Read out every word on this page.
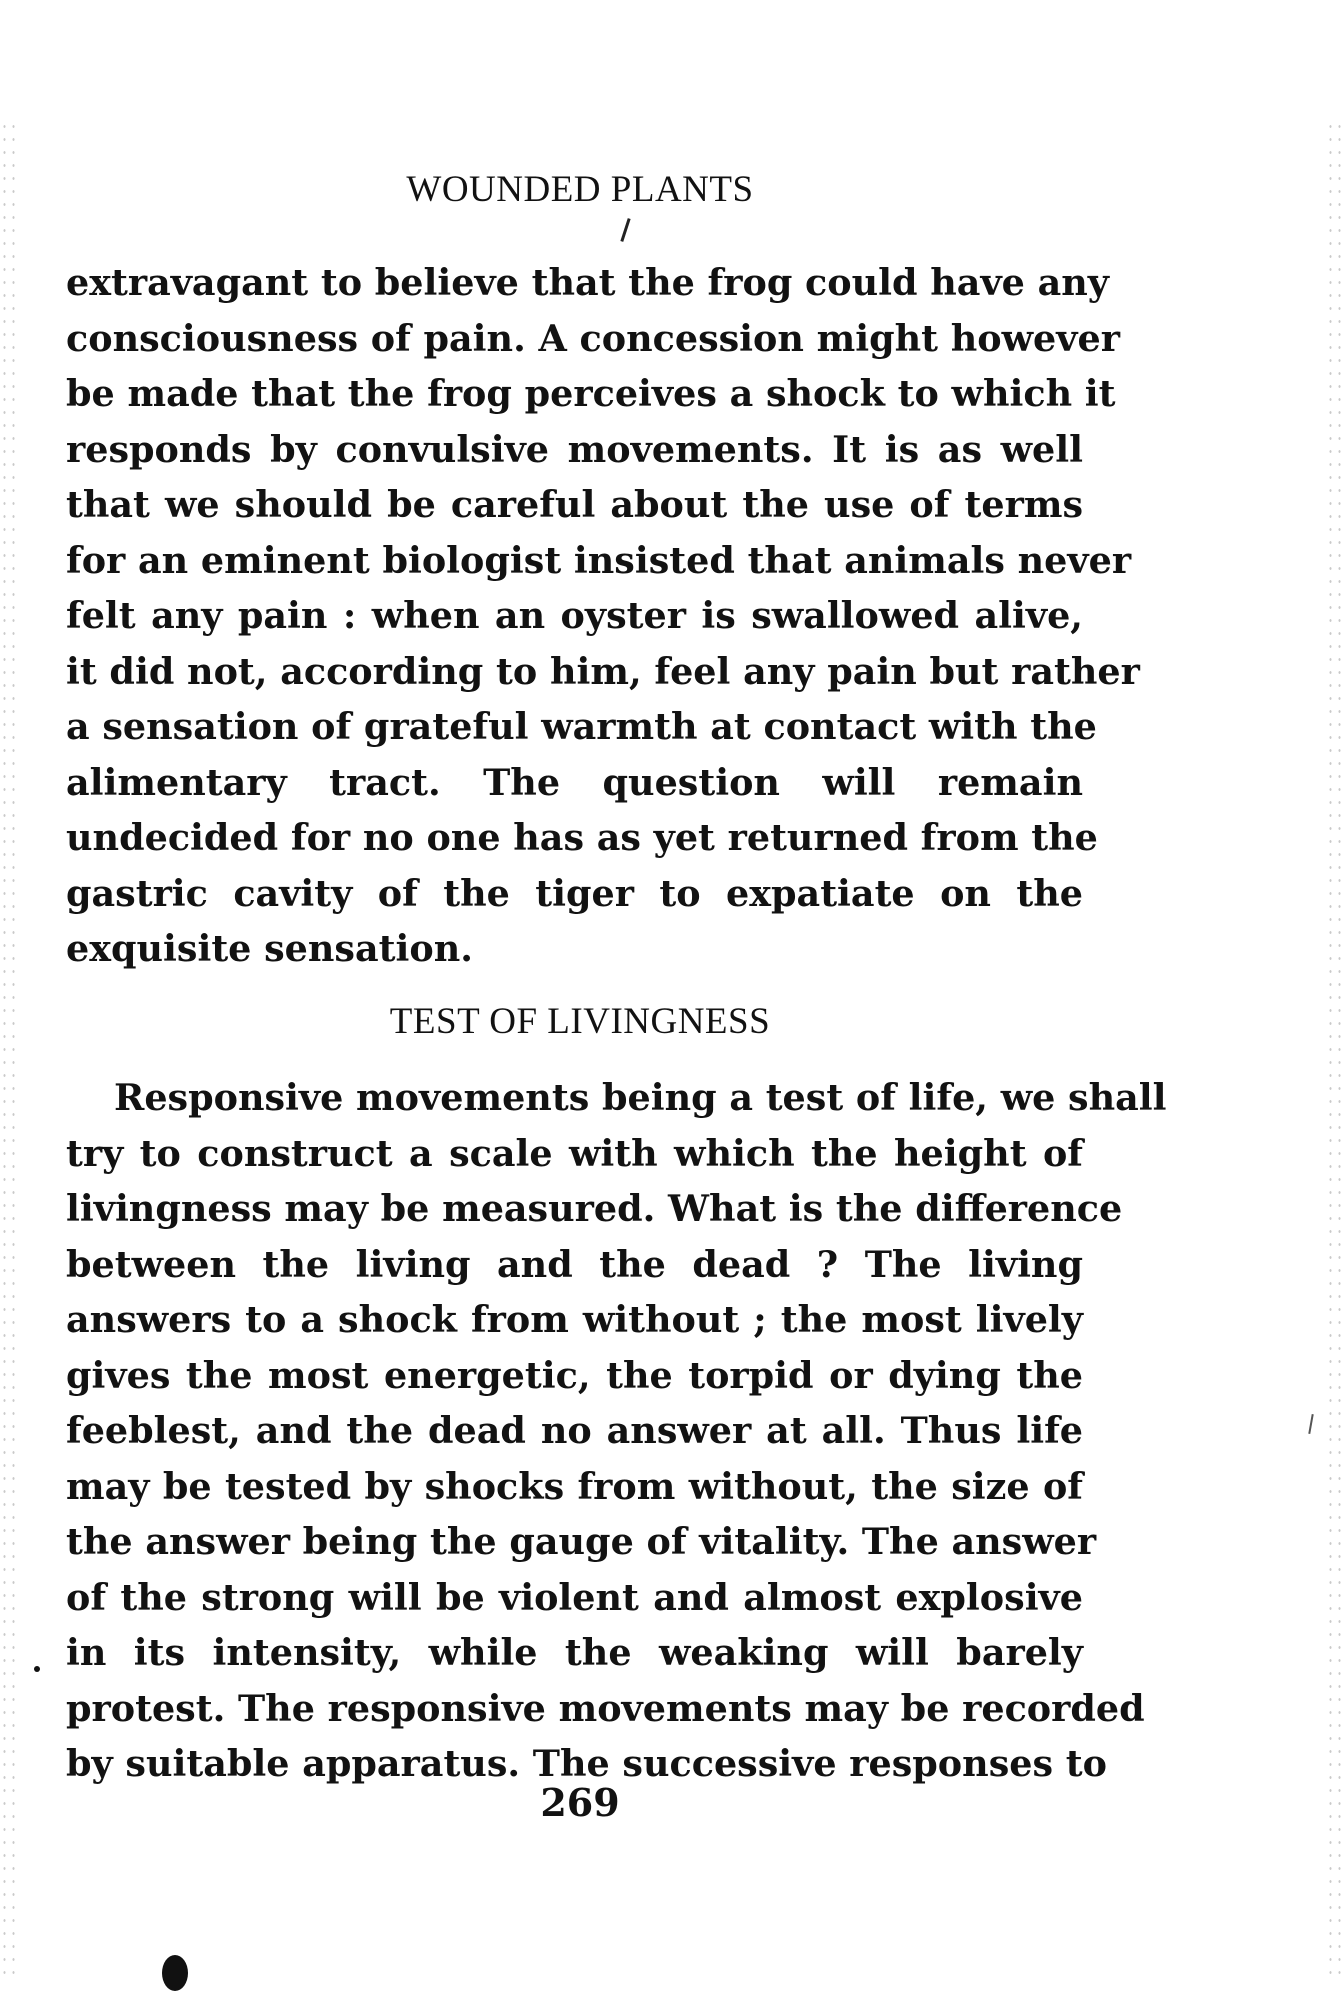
WOUNDED PLANTS
extravagant to believe that the frog could have any
consciousness of pain. A concession might however
be made that the frog perceives a shock to which it
responds by convulsive movements. It is as well
that we should be careful about the use of terms
for an eminent biologist insisted that animals never
felt any pain : when an oyster is swallowed alive,
it did not, according to him, feel any pain but rather
a sensation of grateful warmth at contact with the
alimentary tract. The question will remain
undecided for no one has as yet returned from the
gastric cavity of the tiger to expatiate on the
exquisite sensation.
TEST OF LIVINGNESS
Responsive movements being a test of life, we shall
try to construct a scale with which the height of
livingness may be measured. What is the difference
between the living and the dead ? The living
answers to a shock from without ; the most lively
gives the most energetic, the torpid or dying the
feeblest, and the dead no answer at all. Thus life
may be tested by shocks from without, the size of
the answer being the gauge of vitality. The answer
of the strong will be violent and almost explosive
in its intensity, while the weaking will barely
protest. The responsive movements may be recorded
by suitable apparatus. The successive responses to
269
